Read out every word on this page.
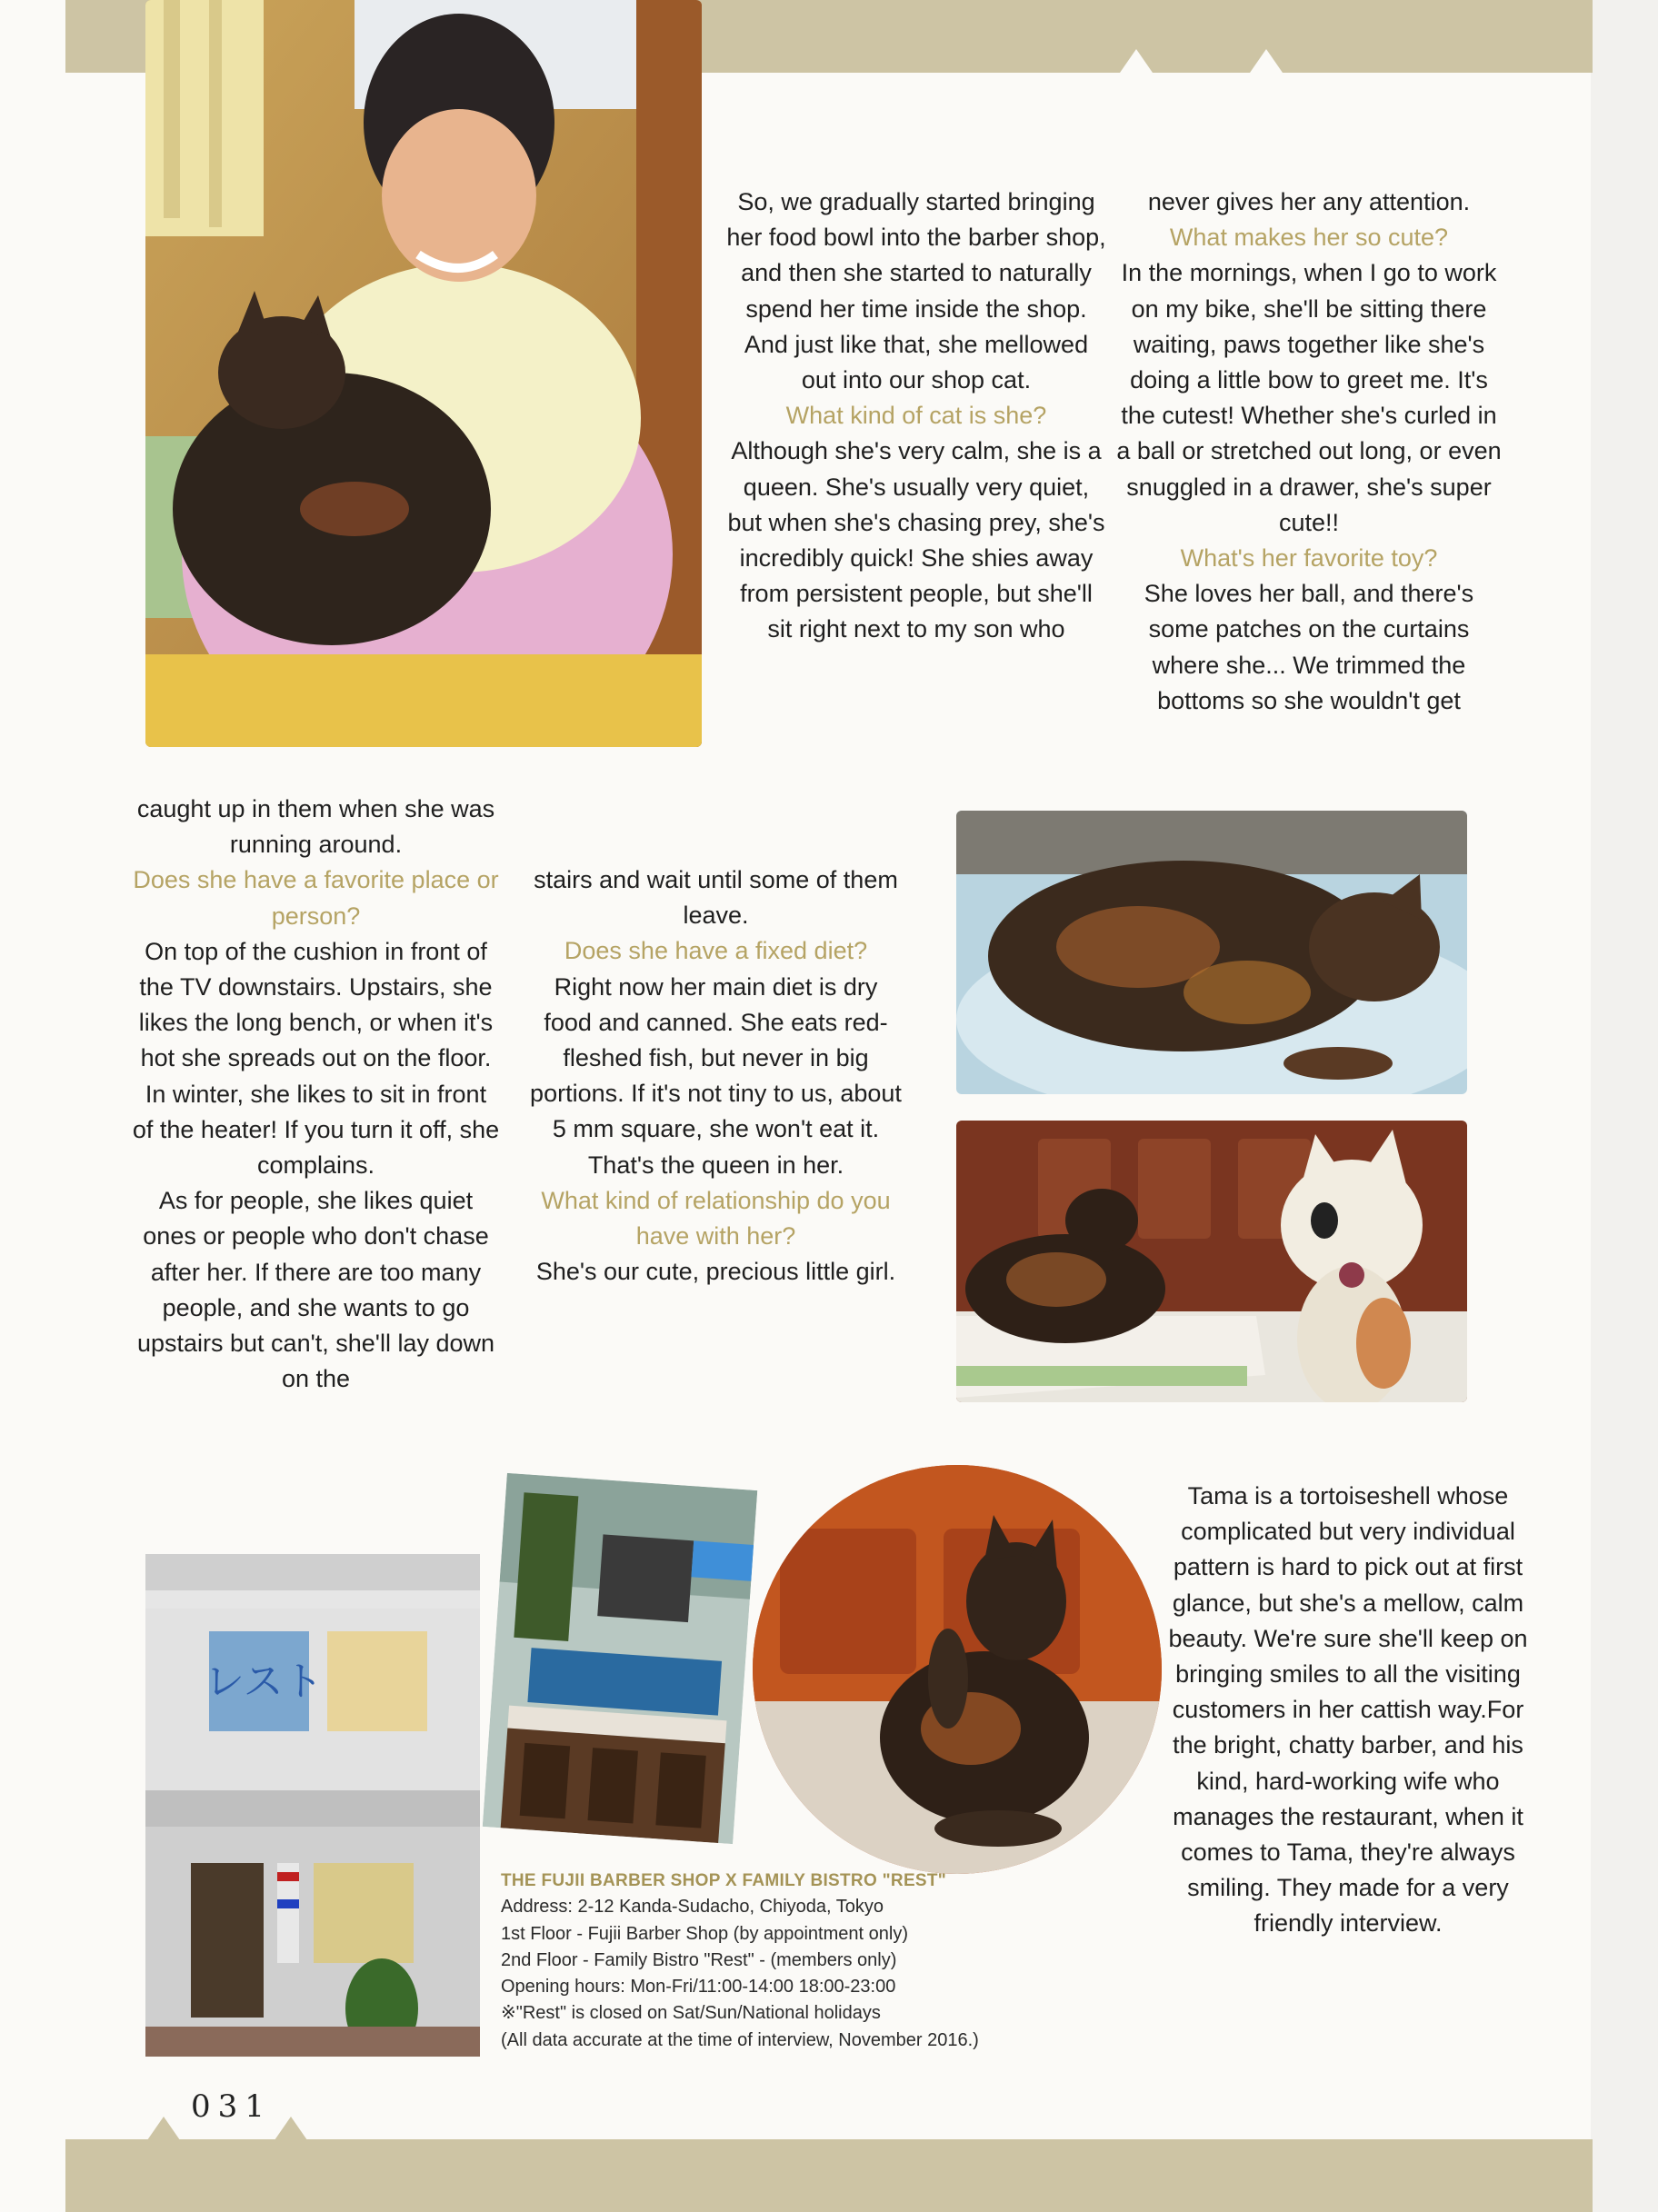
So, we gradually started bringing her food bowl into the barber shop, and then she started to naturally spend her time inside the shop. And just like that, she mellowed out into our shop cat.

What kind of cat is she?

Although she's very calm, she is a queen. She's usually very quiet, but when she's chasing prey, she's incredibly quick! She shies away from persistent people, but she'll sit right next to my son who

never gives her any attention.

What makes her so cute?

In the mornings, when I go to work on my bike, she'll be sitting there waiting, paws together like she's doing a little bow to greet me. It's the cutest! Whether she's curled in a ball or stretched out long, or even snuggled in a drawer, she's super cute!!

What's her favorite toy?

She loves her ball, and there's some patches on the curtains where she... We trimmed the bottoms so she wouldn't get

caught up in them when she was running around.

Does she have a favorite place or person?

On top of the cushion in front of the TV downstairs. Upstairs, she likes the long bench, or when it's hot she spreads out on the floor. In winter, she likes to sit in front of the heater! If you turn it off, she complains.

As for people, she likes quiet ones or people who don't chase after her. If there are too many people, and she wants to go upstairs but can't, she'll lay down on the

stairs and wait until some of them leave.

Does she have a fixed diet?

Right now her main diet is dry food and canned. She eats red-fleshed fish, but never in big portions. If it's not tiny to us, about 5 mm square, she won't eat it. That's the queen in her.

What kind of relationship do you have with her?

She's our cute, precious little girl.

レスト

Tama is a tortoiseshell whose complicated but very individual pattern is hard to pick out at first glance, but she's a mellow, calm beauty. We're sure she'll keep on bringing smiles to all the visiting customers in her cattish way.For the bright, chatty barber, and his kind, hard-working wife who manages the restaurant, when it comes to Tama, they're always smiling. They made for a very friendly interview.

THE FUJII BARBER SHOP X FAMILY BISTRO "REST"

Address: 2-12 Kanda-Sudacho, Chiyoda, Tokyo

1st Floor - Fujii Barber Shop (by appointment only)

2nd Floor - Family Bistro "Rest" - (members only)

Opening hours: Mon-Fri/11:00-14:00 18:00-23:00

※"Rest" is closed on Sat/Sun/National holidays

(All data accurate at the time of interview, November 2016.)

031
